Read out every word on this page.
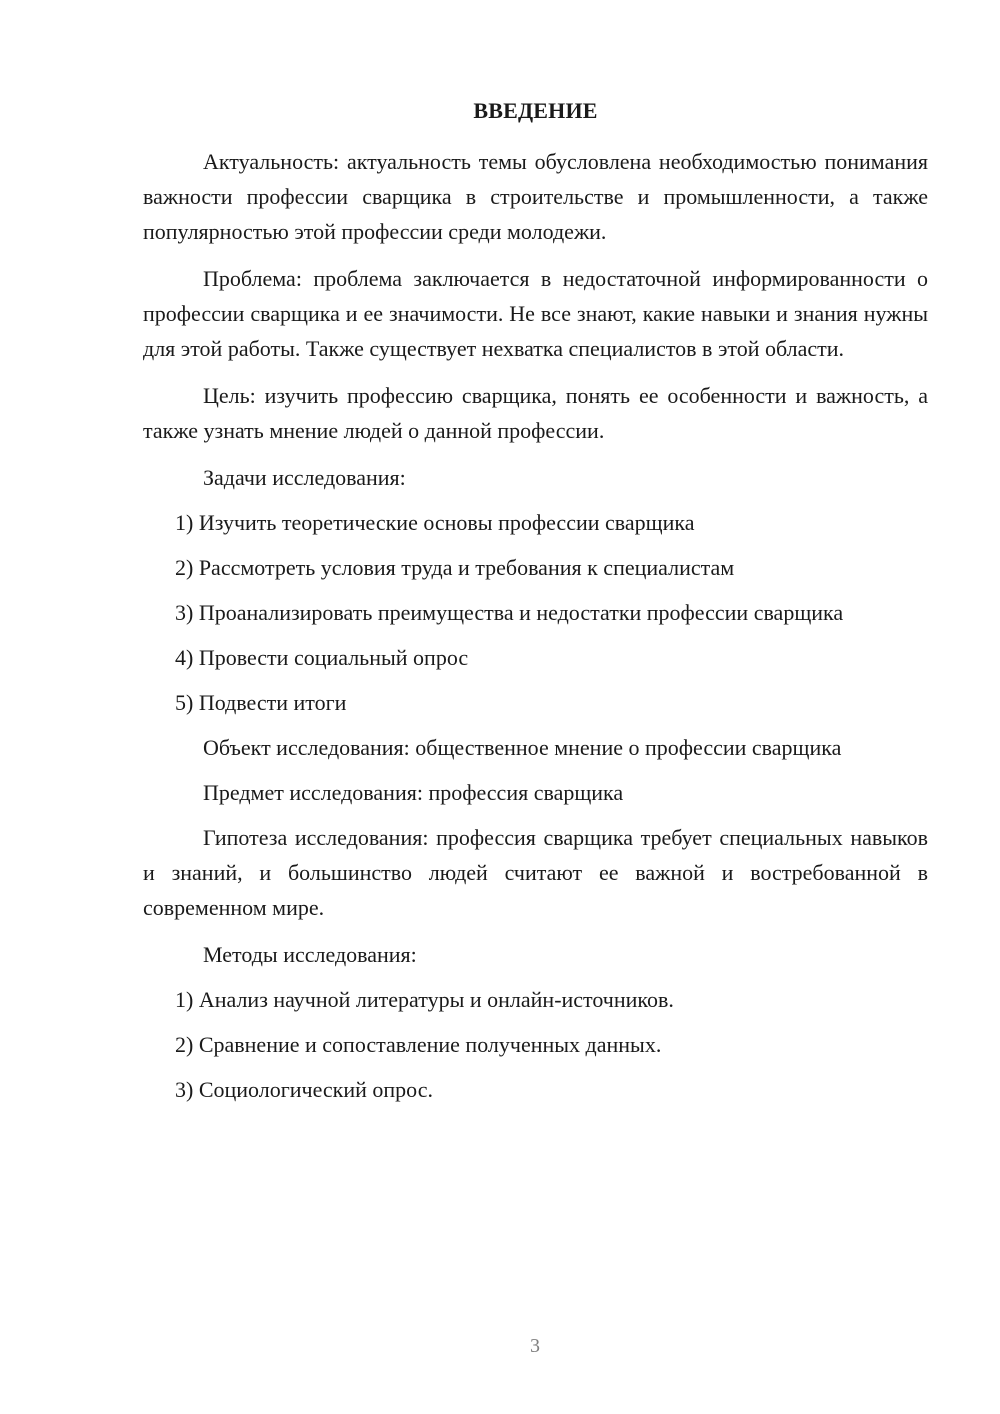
ВВЕДЕНИЕ

Актуальность: актуальность темы обусловлена необходимостью понимания важности профессии сварщика в строительстве и промышленности, а также популярностью этой профессии среди молодежи.

Проблема: проблема заключается в недостаточной информированности о профессии сварщика и ее значимости. Не все знают, какие навыки и знания нужны для этой работы. Также существует нехватка специалистов в этой области.

Цель: изучить профессию сварщика, понять ее особенности и важность, а также узнать мнение людей о данной профессии.

Задачи исследования:

1) Изучить теоретические основы профессии сварщика

2) Рассмотреть условия труда и требования к специалистам

3) Проанализировать преимущества и недостатки профессии сварщика

4) Провести социальный опрос

5) Подвести итоги

Объект исследования: общественное мнение о профессии сварщика

Предмет исследования: профессия сварщика

Гипотеза исследования: профессия сварщика требует специальных навыков и знаний, и большинство людей считают ее важной и востребованной в современном мире.

Методы исследования:

1) Анализ научной литературы и онлайн-источников.

2) Сравнение и сопоставление полученных данных.

3) Социологический опрос.

3
